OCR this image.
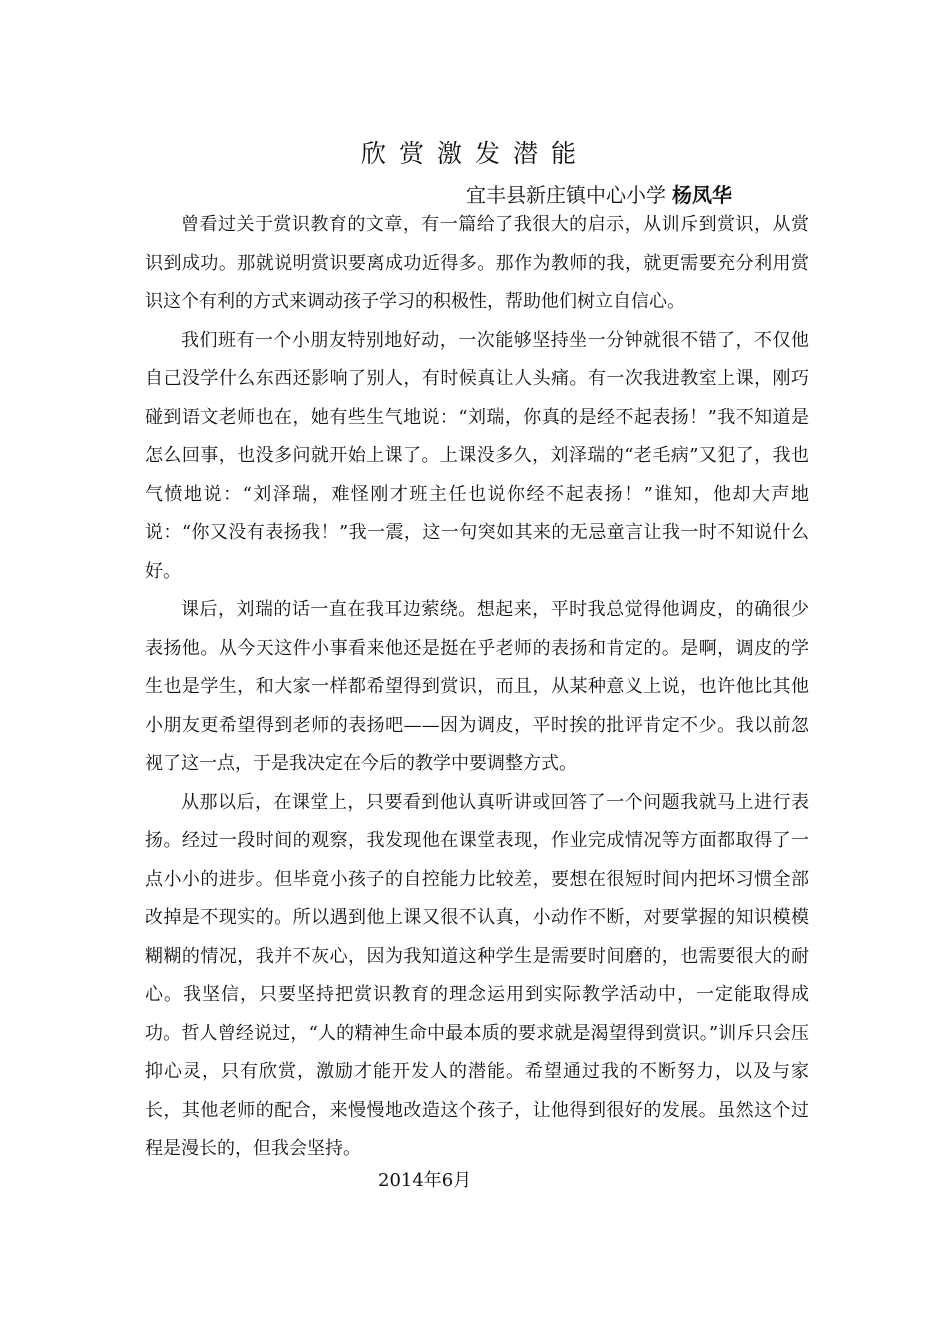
欣赏激发潜能

宜丰县新庄镇中心小学 杨凤华

曾看过关于赏识教育的文章，有一篇给了我很大的启示，从训斥到赏识，从赏识到成功。那就说明赏识要离成功近得多。那作为教师的我，就更需要充分利用赏识这个有利的方式来调动孩子学习的积极性，帮助他们树立自信心。

我们班有一个小朋友特别地好动，一次能够坚持坐一分钟就很不错了，不仅他自己没学什么东西还影响了别人，有时候真让人头痛。有一次我进教室上课，刚巧碰到语文老师也在，她有些生气地说：“刘瑞，你真的是经不起表扬！”我不知道是怎么回事，也没多问就开始上课了。上课没多久，刘泽瑞的“老毛病”又犯了，我也气愤地说：“刘泽瑞，难怪刚才班主任也说你经不起表扬！”谁知，他却大声地说：“你又没有表扬我！”我一震，这一句突如其来的无忌童言让我一时不知说什么好。

课后，刘瑞的话一直在我耳边萦绕。想起来，平时我总觉得他调皮，的确很少表扬他。从今天这件小事看来他还是挺在乎老师的表扬和肯定的。是啊，调皮的学生也是学生，和大家一样都希望得到赏识，而且，从某种意义上说，也许他比其他小朋友更希望得到老师的表扬吧——因为调皮，平时挨的批评肯定不少。我以前忽视了这一点，于是我决定在今后的教学中要调整方式。

从那以后，在课堂上，只要看到他认真听讲或回答了一个问题我就马上进行表扬。经过一段时间的观察，我发现他在课堂表现，作业完成情况等方面都取得了一点小小的进步。但毕竟小孩子的自控能力比较差，要想在很短时间内把坏习惯全部改掉是不现实的。所以遇到他上课又很不认真，小动作不断，对要掌握的知识模模糊糊的情况，我并不灰心，因为我知道这种学生是需要时间磨的，也需要很大的耐心。我坚信，只要坚持把赏识教育的理念运用到实际教学活动中，一定能取得成功。哲人曾经说过，“人的精神生命中最本质的要求就是渴望得到赏识。”训斥只会压抑心灵，只有欣赏，激励才能开发人的潜能。希望通过我的不断努力，以及与家长，其他老师的配合，来慢慢地改造这个孩子，让他得到很好的发展。虽然这个过程是漫长的，但我会坚持。

2014年6月
